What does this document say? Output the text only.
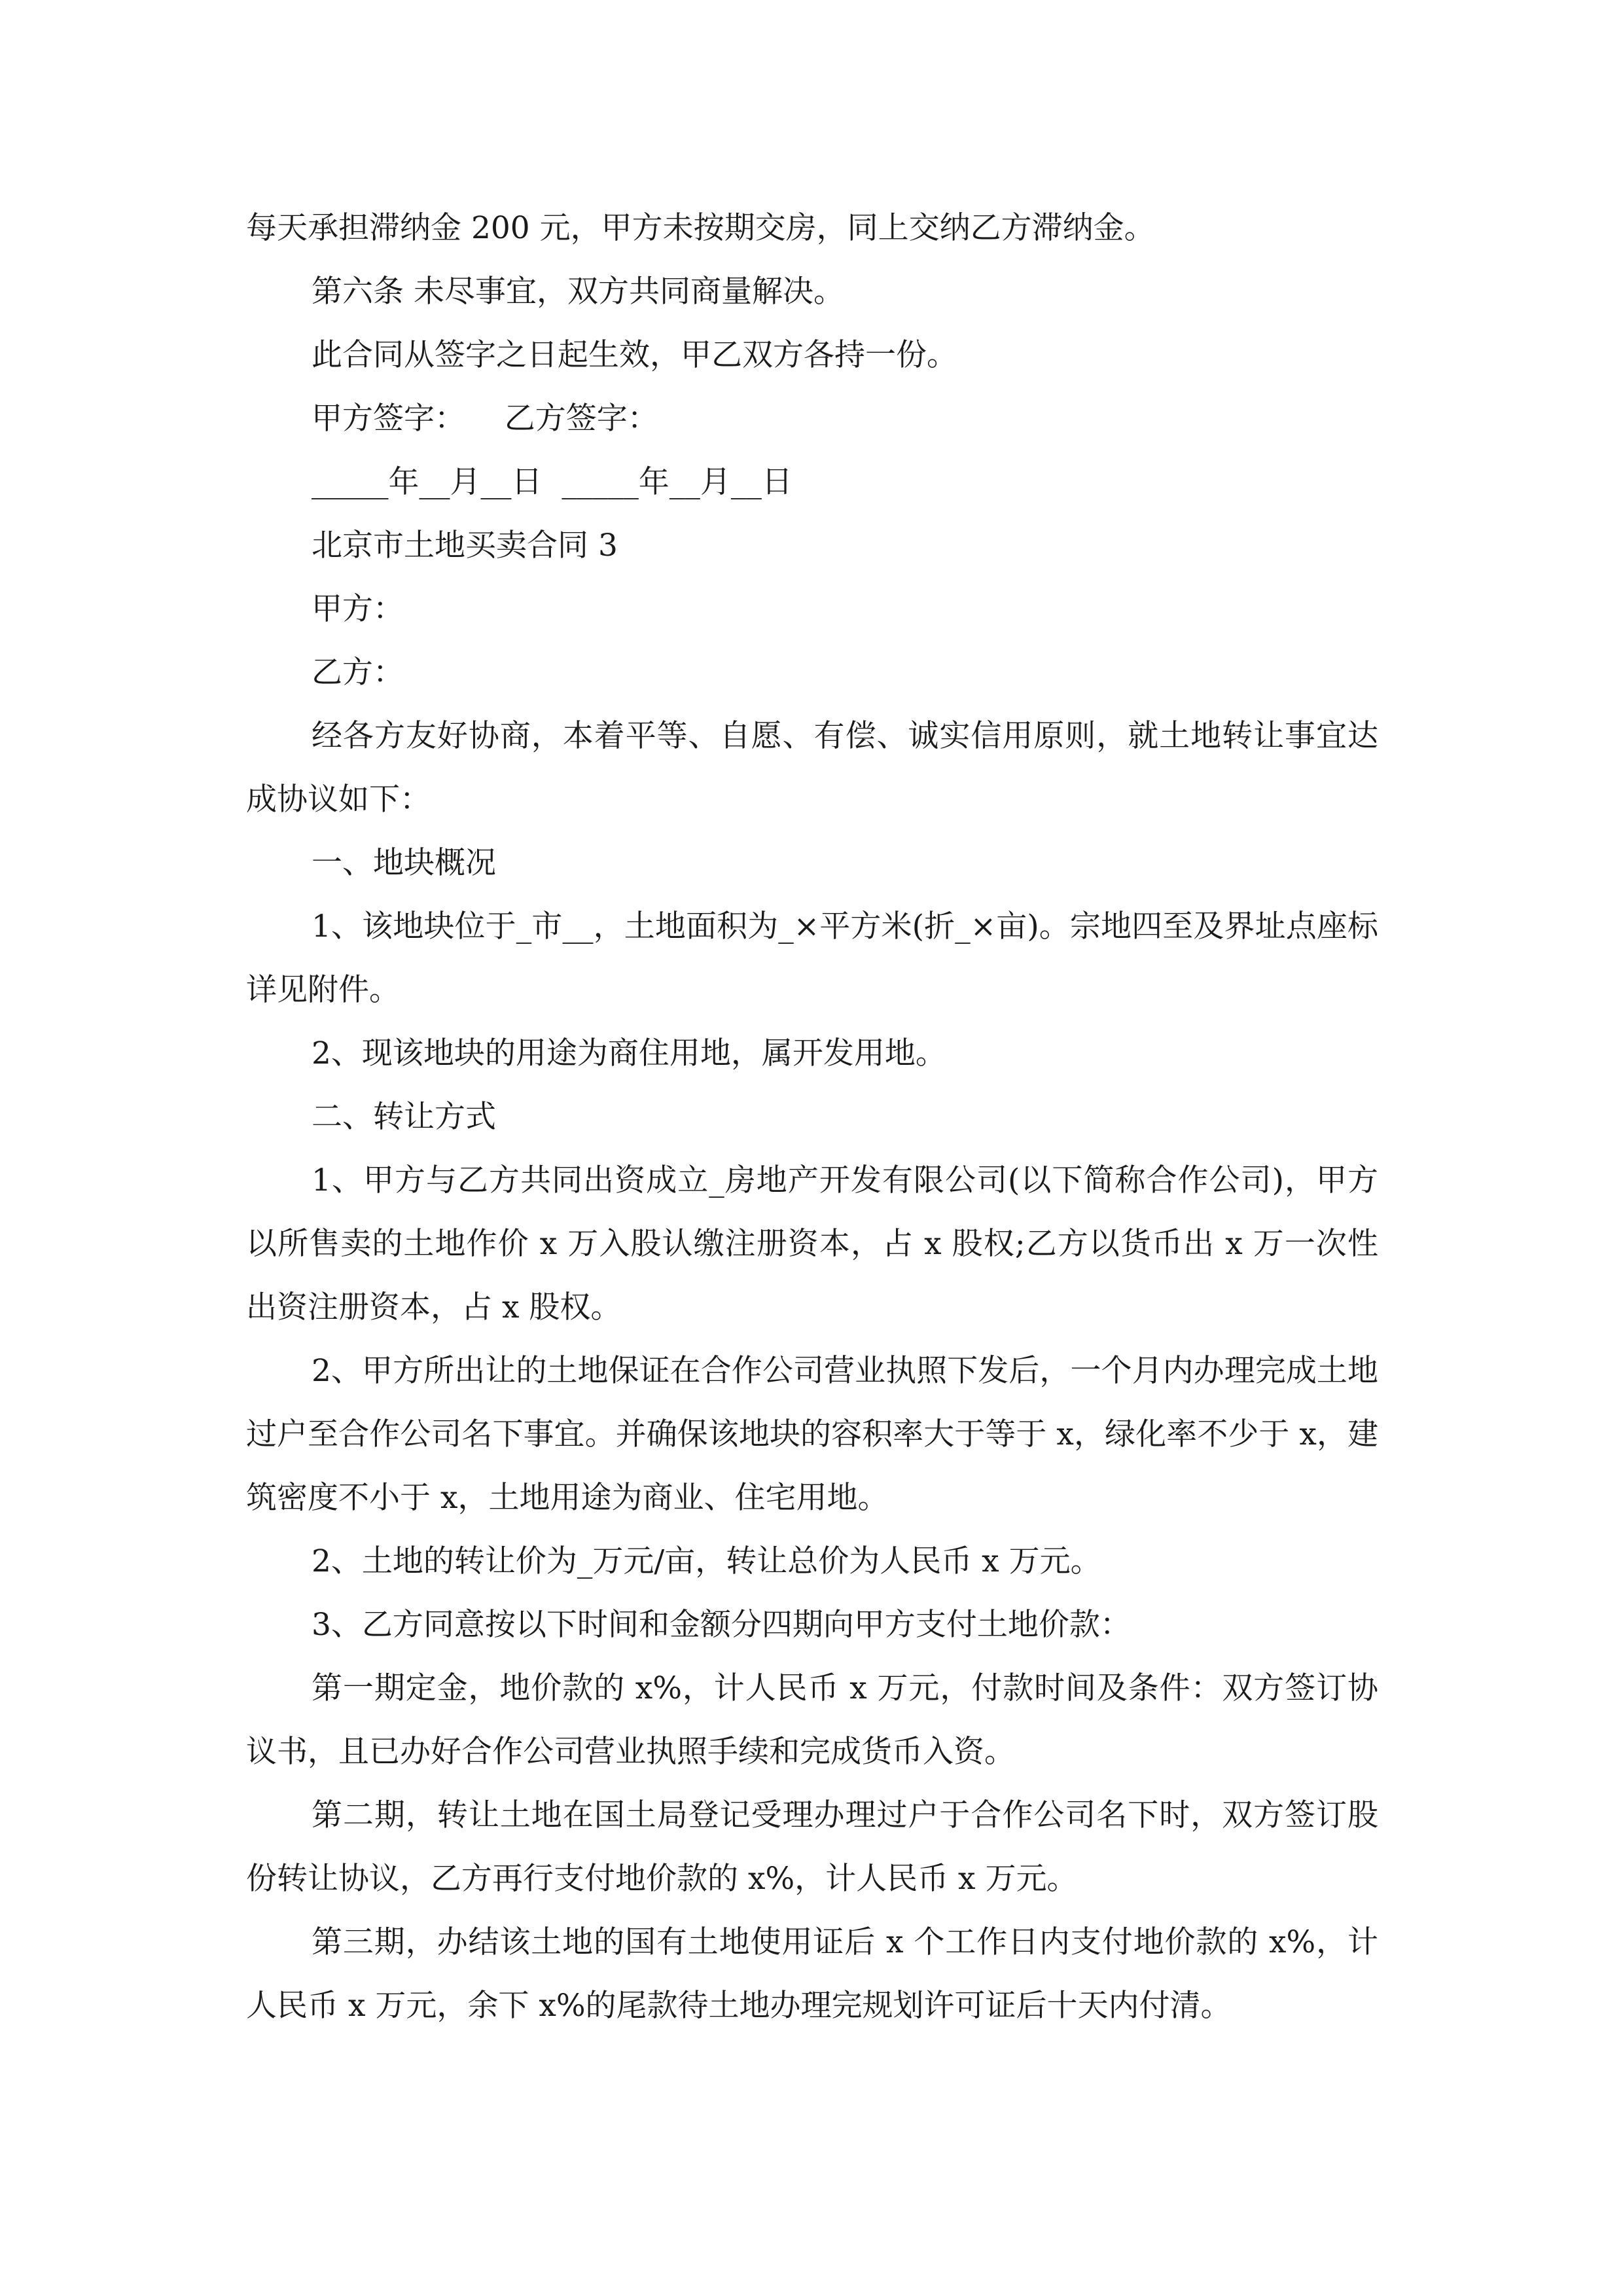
每天承担滞纳金 200 元，甲方未按期交房，同上交纳乙方滞纳金。

第六条 未尽事宜，双方共同商量解决。

此合同从签字之日起生效，甲乙双方各持一份。

甲方签字：    乙方签字：

_____年__月__日  _____年__月__日

北京市土地买卖合同 3

甲方：

乙方：

经各方友好协商，本着平等、自愿、有偿、诚实信用原则，就土地转让事宜达成协议如下：

一、地块概况

1、该地块位于_市__，土地面积为_×平方米(折_×亩)。宗地四至及界址点座标详见附件。

2、现该地块的用途为商住用地，属开发用地。

二、转让方式

1、甲方与乙方共同出资成立_房地产开发有限公司(以下简称合作公司)，甲方以所售卖的土地作价 x 万入股认缴注册资本，占 x 股权;乙方以货币出 x 万一次性出资注册资本，占 x 股权。

2、甲方所出让的土地保证在合作公司营业执照下发后，一个月内办理完成土地过户至合作公司名下事宜。并确保该地块的容积率大于等于 x，绿化率不少于 x，建筑密度不小于 x，土地用途为商业、住宅用地。

2、土地的转让价为_万元/亩，转让总价为人民币 x 万元。

3、乙方同意按以下时间和金额分四期向甲方支付土地价款：

第一期定金，地价款的 x%，计人民币 x 万元，付款时间及条件：双方签订协议书，且已办好合作公司营业执照手续和完成货币入资。

第二期，转让土地在国土局登记受理办理过户于合作公司名下时，双方签订股份转让协议，乙方再行支付地价款的 x%，计人民币 x 万元。

第三期，办结该土地的国有土地使用证后 x 个工作日内支付地价款的 x%，计人民币 x 万元，余下 x%的尾款待土地办理完规划许可证后十天内付清。
